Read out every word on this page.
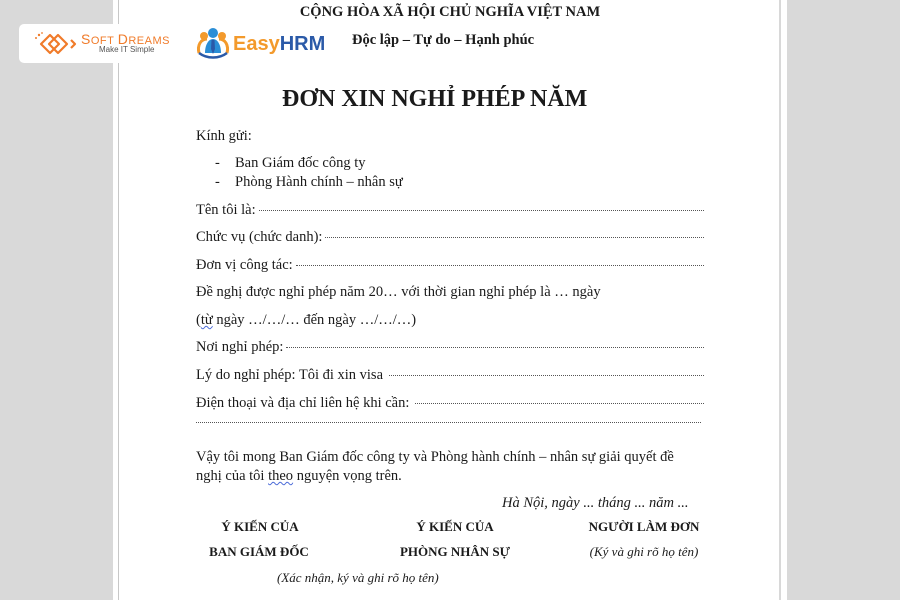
SOFT DREAMS
Make IT Simple	EasyHRM
CỘNG HÒA XÃ HỘI CHỦ NGHĨA VIỆT NAM
Độc lập – Tự do – Hạnh phúc
ĐƠN XIN NGHỈ PHÉP NĂM
Kính gửi:
- Ban Giám đốc công ty
- Phòng Hành chính – nhân sự
Tên tôi là:
Chức vụ (chức danh):
Đơn vị công tác:
Đề nghị được nghỉ phép năm 20… với thời gian nghỉ phép là … ngày
(từ ngày …/…/… đến ngày …/…/…)
Nơi nghỉ phép:
Lý do nghỉ phép: Tôi đi xin visa
Điện thoại và địa chỉ liên hệ khi cần:
Vậy tôi mong Ban Giám đốc công ty và Phòng hành chính – nhân sự giải quyết đề
nghị của tôi theo nguyện vọng trên.
Hà Nội, ngày ... tháng ... năm ...
Ý KIẾN CỦA
BAN GIÁM ĐỐC
Ý KIẾN CỦA
PHÒNG NHÂN SỰ
NGƯỜI LÀM ĐƠN
(Ký và ghi rõ họ tên)
(Xác nhận, ký và ghi rõ họ tên)
